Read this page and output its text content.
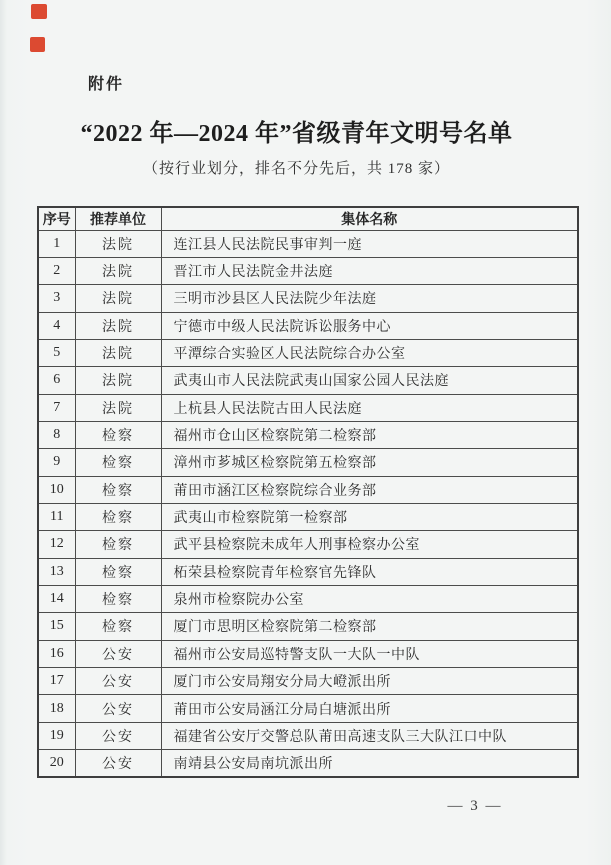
附件
“2022 年—2024 年”省级青年文明号名单
（按行业划分，排名不分先后，共 178 家）
序号	推荐单位	集体名称
1	法院	连江县人民法院民事审判一庭
2	法院	晋江市人民法院金井法庭
3	法院	三明市沙县区人民法院少年法庭
4	法院	宁德市中级人民法院诉讼服务中心
5	法院	平潭综合实验区人民法院综合办公室
6	法院	武夷山市人民法院武夷山国家公园人民法庭
7	法院	上杭县人民法院古田人民法庭
8	检察	福州市仓山区检察院第二检察部
9	检察	漳州市芗城区检察院第五检察部
10	检察	莆田市涵江区检察院综合业务部
11	检察	武夷山市检察院第一检察部
12	检察	武平县检察院未成年人刑事检察办公室
13	检察	柘荣县检察院青年检察官先锋队
14	检察	泉州市检察院办公室
15	检察	厦门市思明区检察院第二检察部
16	公安	福州市公安局巡特警支队一大队一中队
17	公安	厦门市公安局翔安分局大嶝派出所
18	公安	莆田市公安局涵江分局白塘派出所
19	公安	福建省公安厅交警总队莆田高速支队三大队江口中队
20	公安	南靖县公安局南坑派出所
— 3 —
